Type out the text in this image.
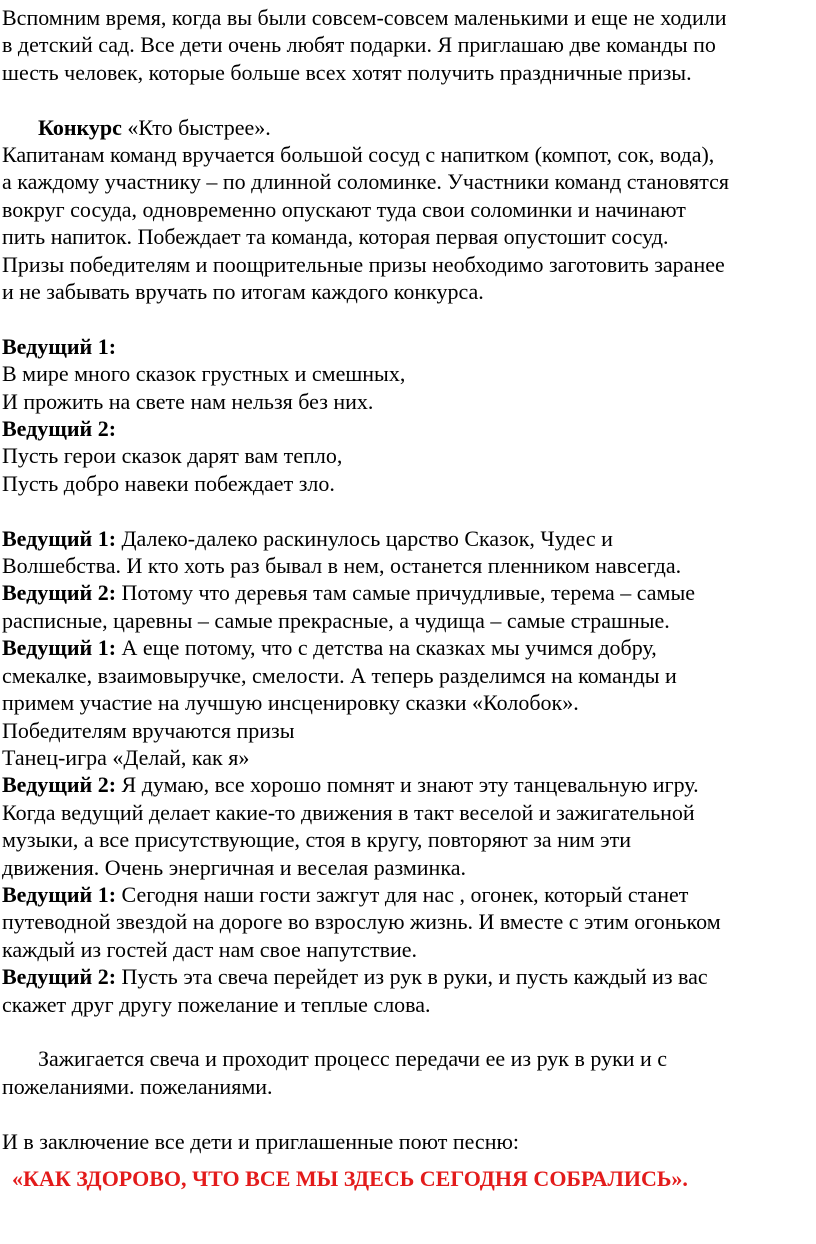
Вспомним время, когда вы были совсем-совсем маленькими и еще не ходили
в детский сад. Все дети очень любят подарки. Я приглашаю две команды по
шесть человек, которые больше всех хотят получить праздничные призы.
Конкурс «Кто быстрее».
Капитанам команд вручается большой сосуд с напитком (компот, сок, вода),
а каждому участнику – по длинной соломинке. Участники команд становятся
вокруг сосуда, одновременно опускают туда свои соломинки и начинают
пить напиток. Побеждает та команда, которая первая опустошит сосуд.
Призы победителям и поощрительные призы необходимо заготовить заранее
и не забывать вручать по итогам каждого конкурса.
Ведущий 1:
В мире много сказок грустных и смешных,
И прожить на свете нам нельзя без них.
Ведущий 2:
Пусть герои сказок дарят вам тепло,
Пусть добро навеки побеждает зло.
Ведущий 1: Далеко-далеко раскинулось царство Сказок, Чудес и
Волшебства. И кто хоть раз бывал в нем, останется пленником навсегда.
Ведущий 2: Потому что деревья там самые причудливые, терема – самые
расписные, царевны – самые прекрасные, а чудища – самые страшные.
Ведущий 1: А еще потому, что с детства на сказках мы учимся добру,
смекалке, взаимовыручке, смелости. А теперь разделимся на команды и
примем участие на лучшую инсценировку сказки «Колобок».
Победителям вручаются призы
Танец-игра «Делай, как я»
Ведущий 2: Я думаю, все хорошо помнят и знают эту танцевальную игру.
Когда ведущий делает какие-то движения в такт веселой и зажигательной
музыки, а все присутствующие, стоя в кругу, повторяют за ним эти
движения. Очень энергичная и веселая разминка.
Ведущий 1: Сегодня наши гости зажгут для нас , огонек, который станет
путеводной звездой на дороге во взрослую жизнь. И вместе с этим огоньком
каждый из гостей даст нам свое напутствие.
Ведущий 2: Пусть эта свеча перейдет из рук в руки, и пусть каждый из вас
скажет друг другу пожелание и теплые слова.
Зажигается свеча и проходит процесс передачи ее из рук в руки и с
пожеланиями. пожеланиями.
И в заключение все дети и приглашенные поют песню:
«КАК ЗДОРОВО, ЧТО ВСЕ МЫ ЗДЕСЬ СЕГОДНЯ СОБРАЛИСЬ».
